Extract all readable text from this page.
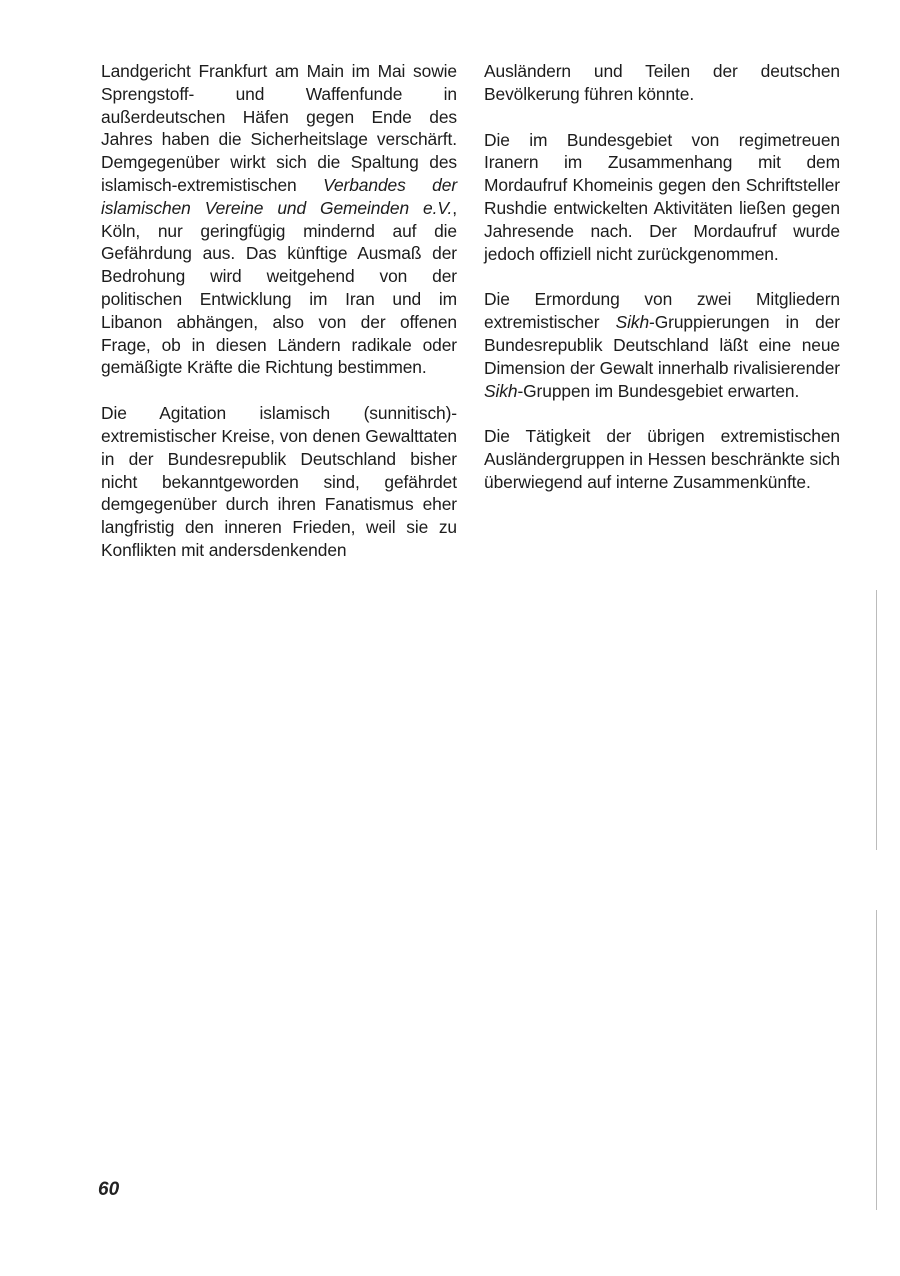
Landgericht Frankfurt am Main im Mai sowie Sprengstoff- und Waffenfunde in außerdeutschen Häfen gegen Ende des Jahres haben die Sicherheitslage verschärft. Demgegenüber wirkt sich die Spaltung des islamisch-extremistischen Verbandes der islamischen Vereine und Gemeinden e.V., Köln, nur geringfügig mindernd auf die Gefährdung aus. Das künftige Ausmaß der Bedrohung wird weitgehend von der politischen Entwicklung im Iran und im Libanon abhängen, also von der offenen Frage, ob in diesen Ländern radikale oder gemäßigte Kräfte die Richtung bestimmen.

Die Agitation islamisch (sunnitisch)-extremistischer Kreise, von denen Gewalttaten in der Bundesrepublik Deutschland bisher nicht bekanntgeworden sind, gefährdet demgegenüber durch ihren Fanatismus eher langfristig den inneren Frieden, weil sie zu Konflikten mit andersdenkenden

Ausländern und Teilen der deutschen Bevölkerung führen könnte.

Die im Bundesgebiet von regimetreuen Iranern im Zusammenhang mit dem Mordaufruf Khomeinis gegen den Schriftsteller Rushdie entwickelten Aktivitäten ließen gegen Jahresende nach. Der Mordaufruf wurde jedoch offiziell nicht zurückgenommen.

Die Ermordung von zwei Mitgliedern extremistischer Sikh-Gruppierungen in der Bundesrepublik Deutschland läßt eine neue Dimension der Gewalt innerhalb rivalisierender Sikh-Gruppen im Bundesgebiet erwarten.

Die Tätigkeit der übrigen extremistischen Ausländergruppen in Hessen beschränkte sich überwiegend auf interne Zusammenkünfte.

60
